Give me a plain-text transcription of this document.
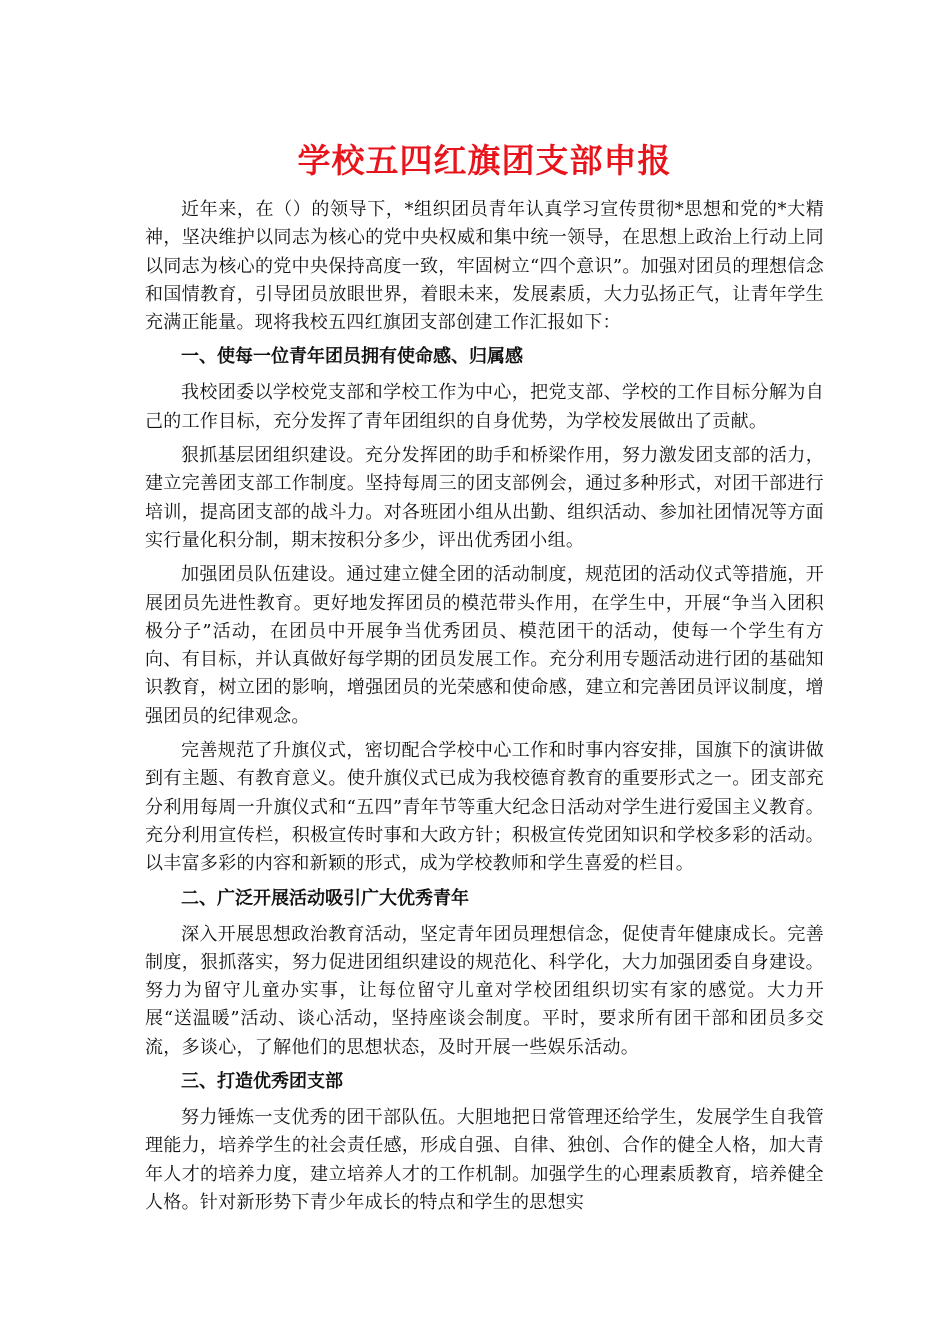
学校五四红旗团支部申报

近年来，在（）的领导下，*组织团员青年认真学习宣传贯彻*思想和党的*大精神，坚决维护以同志为核心的党中央权威和集中统一领导，在思想上政治上行动上同以同志为核心的党中央保持高度一致，牢固树立“四个意识”。加强对团员的理想信念和国情教育，引导团员放眼世界，着眼未来，发展素质，大力弘扬正气，让青年学生充满正能量。现将我校五四红旗团支部创建工作汇报如下：

一、使每一位青年团员拥有使命感、归属感

我校团委以学校党支部和学校工作为中心，把党支部、学校的工作目标分解为自己的工作目标，充分发挥了青年团组织的自身优势，为学校发展做出了贡献。

狠抓基层团组织建设。充分发挥团的助手和桥梁作用，努力激发团支部的活力，建立完善团支部工作制度。坚持每周三的团支部例会，通过多种形式，对团干部进行培训，提高团支部的战斗力。对各班团小组从出勤、组织活动、参加社团情况等方面实行量化积分制，期末按积分多少，评出优秀团小组。

加强团员队伍建设。通过建立健全团的活动制度，规范团的活动仪式等措施，开展团员先进性教育。更好地发挥团员的模范带头作用，在学生中，开展“争当入团积极分子”活动，在团员中开展争当优秀团员、模范团干的活动，使每一个学生有方向、有目标，并认真做好每学期的团员发展工作。充分利用专题活动进行团的基础知识教育，树立团的影响，增强团员的光荣感和使命感，建立和完善团员评议制度，增强团员的纪律观念。

完善规范了升旗仪式，密切配合学校中心工作和时事内容安排，国旗下的演讲做到有主题、有教育意义。使升旗仪式已成为我校德育教育的重要形式之一。团支部充分利用每周一升旗仪式和“五四”青年节等重大纪念日活动对学生进行爱国主义教育。充分利用宣传栏，积极宣传时事和大政方针；积极宣传党团知识和学校多彩的活动。以丰富多彩的内容和新颖的形式，成为学校教师和学生喜爱的栏目。

二、广泛开展活动吸引广大优秀青年

深入开展思想政治教育活动，坚定青年团员理想信念，促使青年健康成长。完善制度，狠抓落实，努力促进团组织建设的规范化、科学化，大力加强团委自身建设。努力为留守儿童办实事，让每位留守儿童对学校团组织切实有家的感觉。大力开展“送温暖”活动、谈心活动，坚持座谈会制度。平时，要求所有团干部和团员多交流，多谈心，了解他们的思想状态，及时开展一些娱乐活动。

三、打造优秀团支部

努力锤炼一支优秀的团干部队伍。大胆地把日常管理还给学生，发展学生自我管理能力，培养学生的社会责任感，形成自强、自律、独创、合作的健全人格，加大青年人才的培养力度，建立培养人才的工作机制。加强学生的心理素质教育，培养健全人格。针对新形势下青少年成长的特点和学生的思想实
